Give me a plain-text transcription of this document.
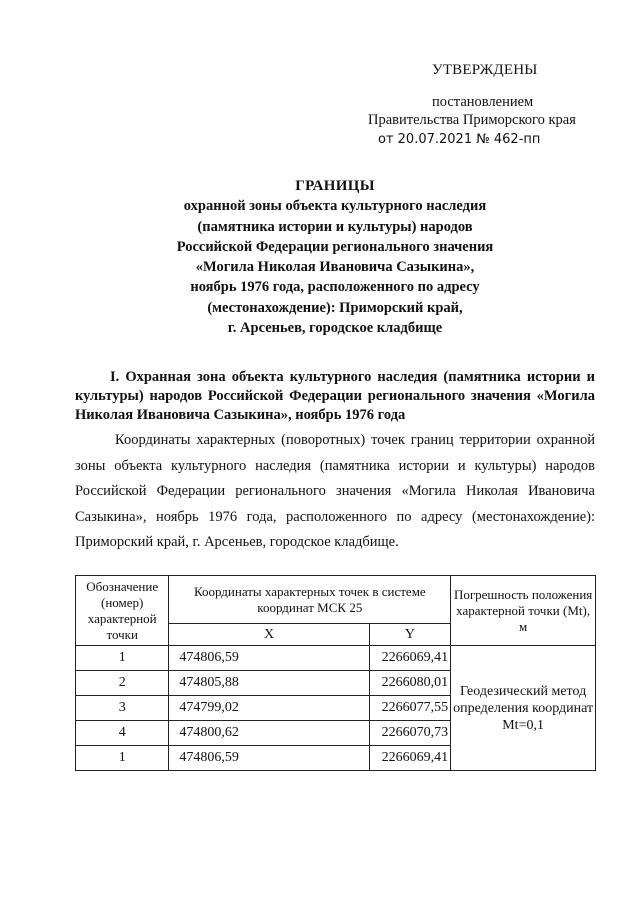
УТВЕРЖДЕНЫ
постановлением
Правительства Приморского края
от 20.07.2021 № 462-пп
ГРАНИЦЫ
охранной зоны объекта культурного наследия
(памятника истории и культуры) народов
Российской Федерации регионального значения
«Могила Николая Ивановича Сазыкина»,
ноябрь 1976 года, расположенного по адресу
(местонахождение): Приморский край,
г. Арсеньев, городское кладбище
I. Охранная зона объекта культурного наследия (памятника истории и культуры) народов Российской Федерации регионального значения «Могила Николая Ивановича Сазыкина», ноябрь 1976 года
Координаты характерных (поворотных) точек границ территории охранной зоны объекта культурного наследия (памятника истории и культуры) народов Российской Федерации регионального значения «Могила Николая Ивановича Сазыкина», ноябрь 1976 года, расположенного по адресу (местонахождение): Приморский край, г. Арсеньев, городское кладбище.
Обозначение (номер) характерной точки	Координаты характерных точек в системе координат МСК 25		Погрешность положения характерной точки (Mt), м
	X	Y	
1	474806,59	2266069,41	Геодезический метод определения координат Mt=0,1
2	474805,88	2266080,01	
3	474799,02	2266077,55	
4	474800,62	2266070,73	
1	474806,59	2266069,41	
